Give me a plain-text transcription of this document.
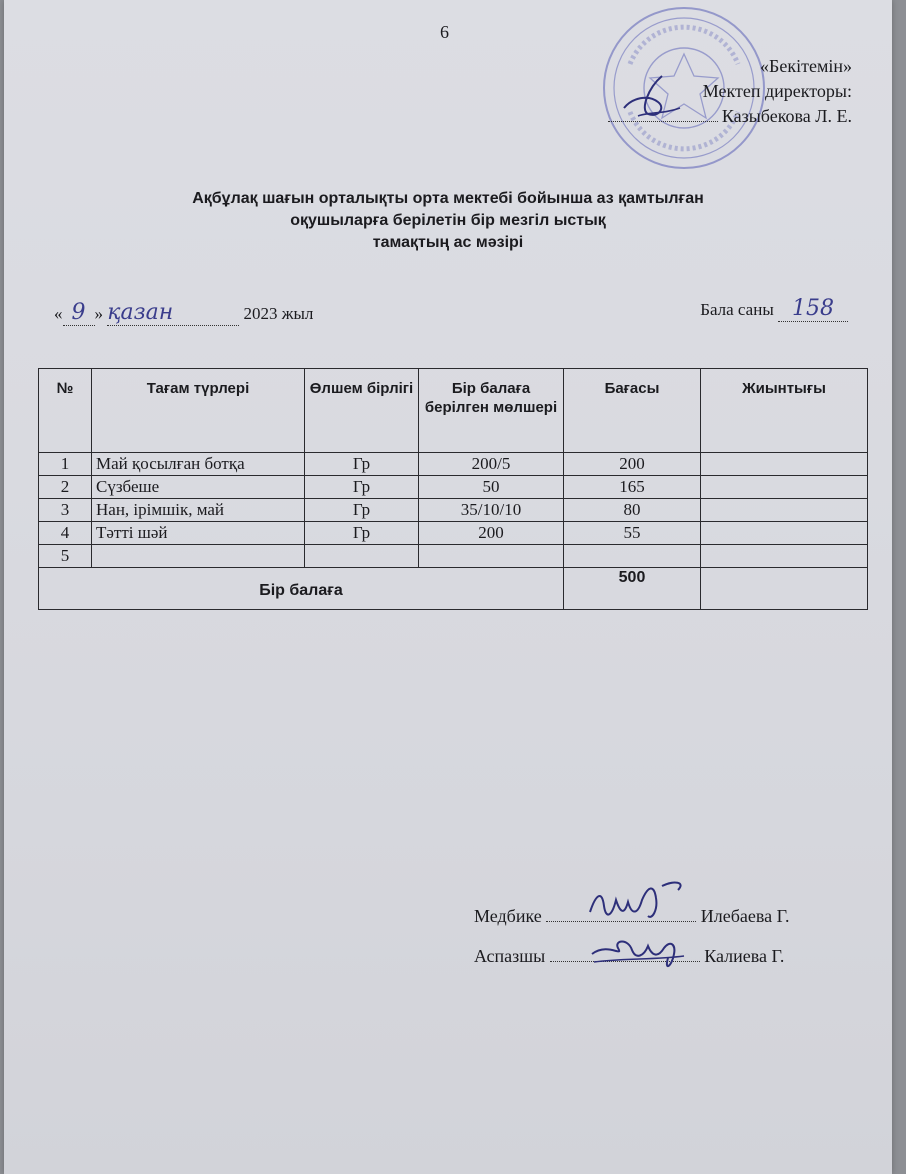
6
«Бекітемін»
Мектеп директоры:
Казыбекова Л. Е.
Ақбұлақ шағын орталықты орта мектебі бойынша аз қамтылған
оқушыларға берілетін бір мезгіл ыстық
тамақтың ас мәзірі
« 9 » қазан	2023 жыл	Бала саны 158
№	Тағам түрлері	Өлшем бірлігі	Бір балаға берілген мөлшері	Бағасы	Жиынтығы
1	Май қосылған ботқа	Гр	200/5	200	
2	Сүзбеше	Гр	50	165	
3	Нан, ірімшік, май	Гр	35/10/10	80	
4	Тәтті шәй	Гр	200	55	
5					
Бір балаға				500	
Медбике	Илебаева Г.
Аспазшы	Калиева Г.
